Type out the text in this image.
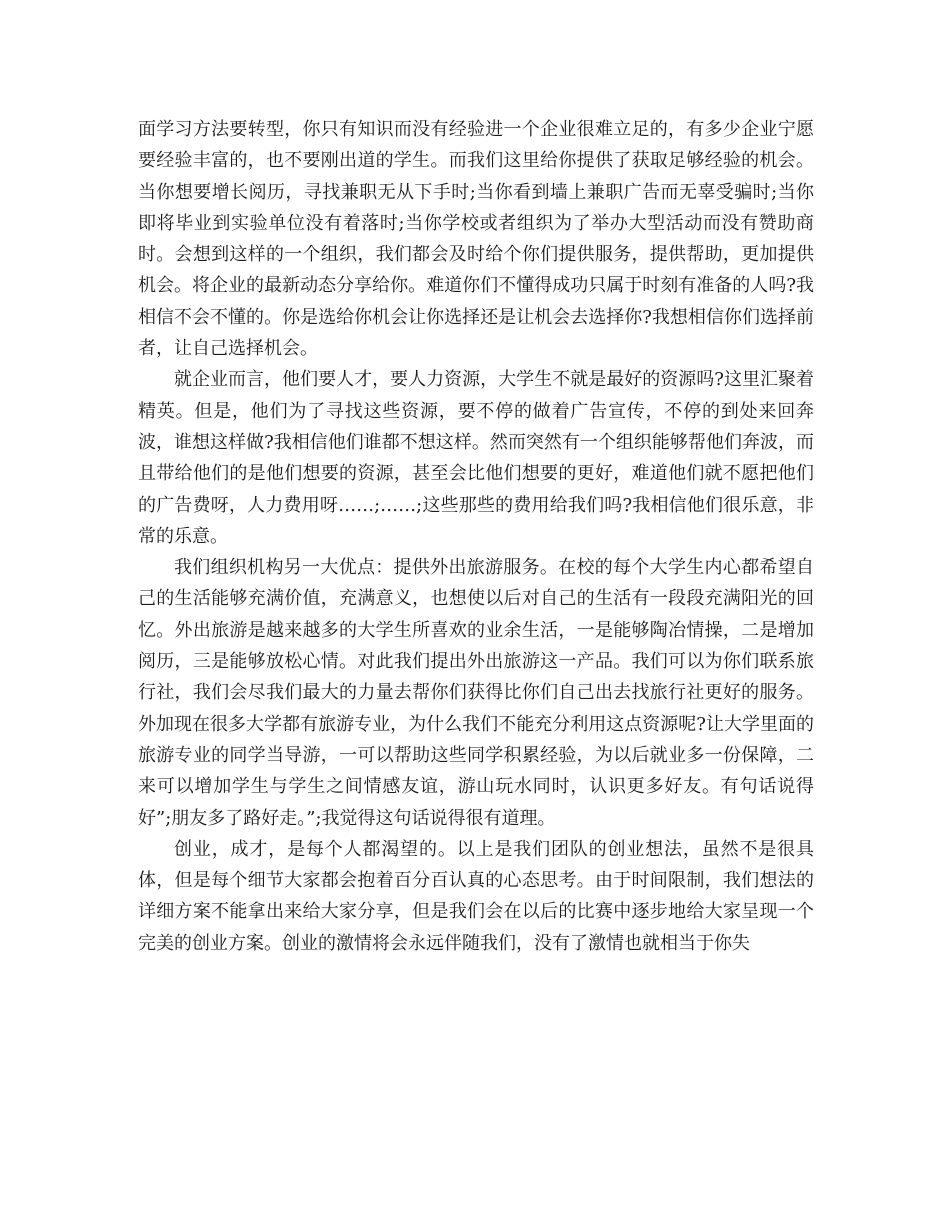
面学习方法要转型，你只有知识而没有经验进一个企业很难立足的，有多少企业宁愿要经验丰富的，也不要刚出道的学生。而我们这里给你提供了获取足够经验的机会。当你想要增长阅历，寻找兼职无从下手时;当你看到墙上兼职广告而无辜受骗时;当你即将毕业到实验单位没有着落时;当你学校或者组织为了举办大型活动而没有赞助商时。会想到这样的一个组织，我们都会及时给个你们提供服务，提供帮助，更加提供机会。将企业的最新动态分享给你。难道你们不懂得成功只属于时刻有准备的人吗?我相信不会不懂的。你是选给你机会让你选择还是让机会去选择你?我想相信你们选择前者，让自己选择机会。

就企业而言，他们要人才，要人力资源，大学生不就是最好的资源吗?这里汇聚着精英。但是，他们为了寻找这些资源，要不停的做着广告宣传，不停的到处来回奔波，谁想这样做?我相信他们谁都不想这样。然而突然有一个组织能够帮他们奔波，而且带给他们的是他们想要的资源，甚至会比他们想要的更好，难道他们就不愿把他们的广告费呀，人力费用呀……;……;这些那些的费用给我们吗?我相信他们很乐意，非常的乐意。

我们组织机构另一大优点：提供外出旅游服务。在校的每个大学生内心都希望自己的生活能够充满价值，充满意义，也想使以后对自己的生活有一段段充满阳光的回忆。外出旅游是越来越多的大学生所喜欢的业余生活，一是能够陶冶情操，二是增加阅历，三是能够放松心情。对此我们提出外出旅游这一产品。我们可以为你们联系旅行社，我们会尽我们最大的力量去帮你们获得比你们自己出去找旅行社更好的服务。外加现在很多大学都有旅游专业，为什么我们不能充分利用这点资源呢?让大学里面的旅游专业的同学当导游，一可以帮助这些同学积累经验，为以后就业多一份保障，二来可以增加学生与学生之间情感友谊，游山玩水同时，认识更多好友。有句话说得好”;朋友多了路好走。”;我觉得这句话说得很有道理。

创业，成才，是每个人都渴望的。以上是我们团队的创业想法，虽然不是很具体，但是每个细节大家都会抱着百分百认真的心态思考。由于时间限制，我们想法的详细方案不能拿出来给大家分享，但是我们会在以后的比赛中逐步地给大家呈现一个完美的创业方案。创业的激情将会永远伴随我们，没有了激情也就相当于你失
